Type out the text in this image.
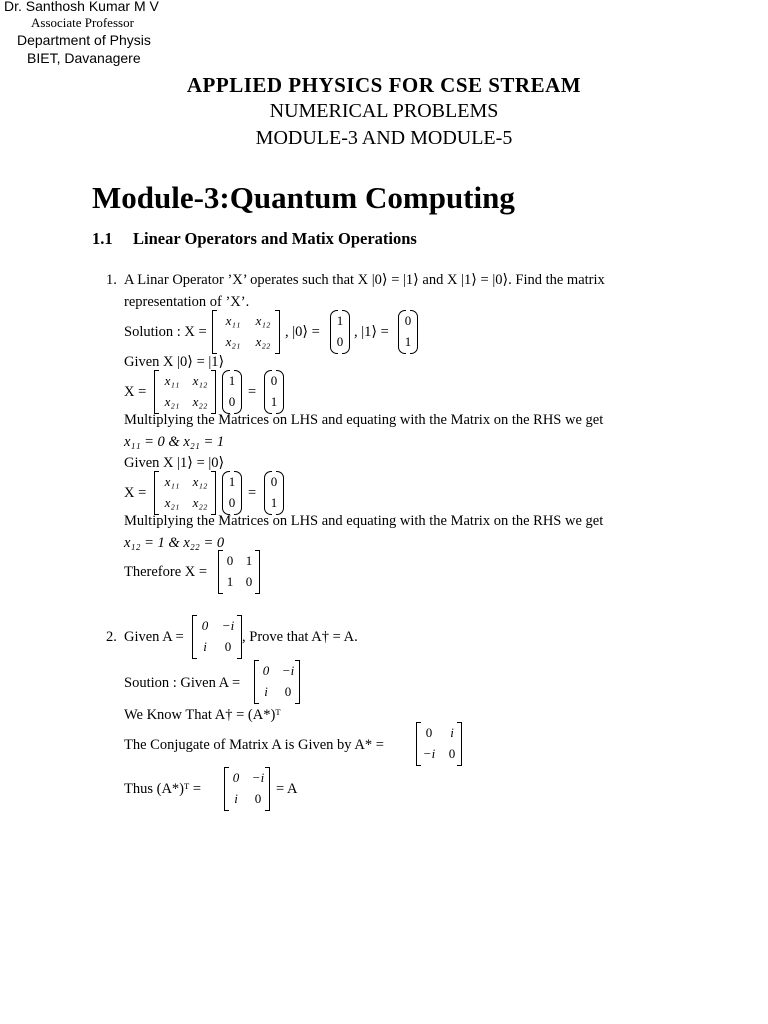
Dr. Santhosh Kumar M V
Associate Professor
Department of Physis
BIET, Davanagere
APPLIED PHYSICS FOR CSE STREAM
NUMERICAL PROBLEMS
MODULE-3 AND MODULE-5
Module-3:Quantum Computing
1.1 Linear Operators and Matix Operations
1. A Linar Operator ’X’ operates such that X |0⟩ = |1⟩ and X |1⟩ = |0⟩. Find the matrix
representation of ’X’.
Solution : X =
x₁₁	x₁₂
x₂₁	x₂₂
, |0⟩ =
1
0
, |1⟩ =
0
1
Given X |0⟩ = |1⟩
X =
x₁₁	x₁₂
x₂₁	x₂₂
1
0
=
0
1
Multiplying the Matrices on LHS and equating with the Matrix on the RHS we get
x₁₁ = 0 & x₂₁ = 1
Given X |1⟩ = |0⟩
X =
x₁₁	x₁₂
x₂₁	x₂₂
1
0
=
0
1
Multiplying the Matrices on LHS and equating with the Matrix on the RHS we get
x₁₂ = 1 & x₂₂ = 0
Therefore X =
0 1
1 0
2. Given A =
0	−i
i	0
, Prove that A† = A.
Soution : Given A =
0 −i
i	0
We Know That A† = (A*)ᵀ
The Conjugate of Matrix A is Given by A* =
0	i
−i	0
Thus (A*)ᵀ =
0 −i
i	0
= A
